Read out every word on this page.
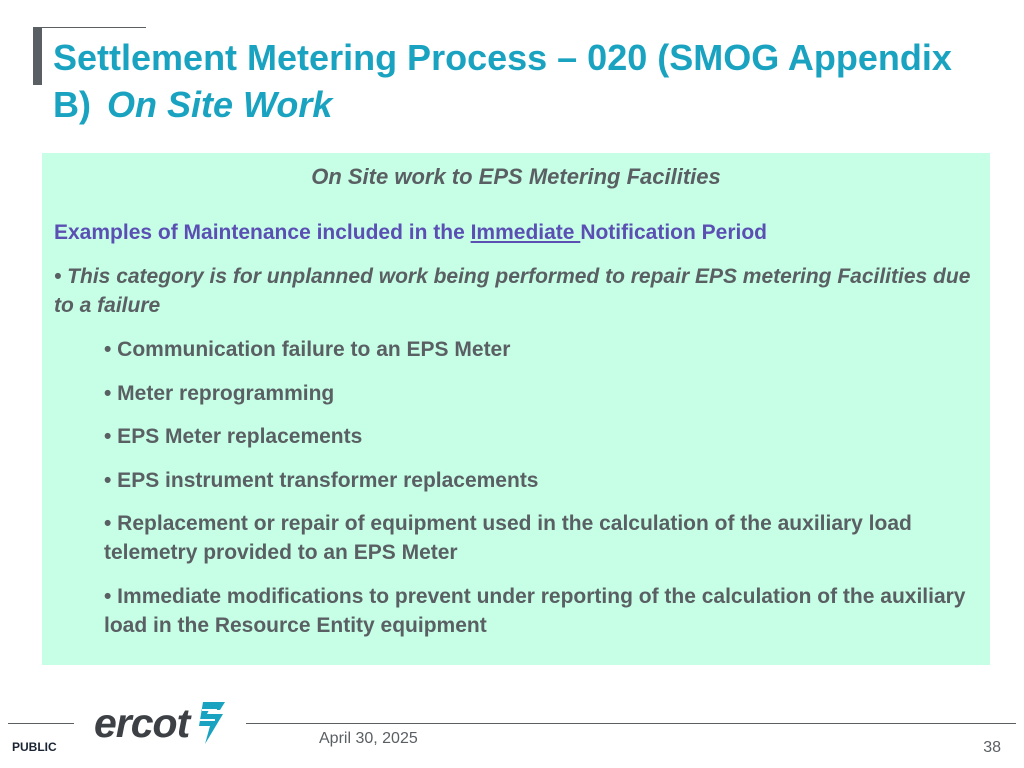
Settlement Metering Process – 020 (SMOG Appendix B) On Site Work
On Site work to EPS Metering Facilities
Examples of Maintenance included in the Immediate Notification Period
• This category is for unplanned work being performed to repair EPS metering Facilities due to a failure
• Communication failure to an EPS Meter
• Meter reprogramming
• EPS Meter replacements
• EPS instrument transformer replacements
• Replacement or repair of equipment used in the calculation of the auxiliary load telemetry provided to an EPS Meter
• Immediate modifications to prevent under reporting of the calculation of the auxiliary load in the Resource Entity equipment
PUBLIC
ercot	April 30, 2025
38
